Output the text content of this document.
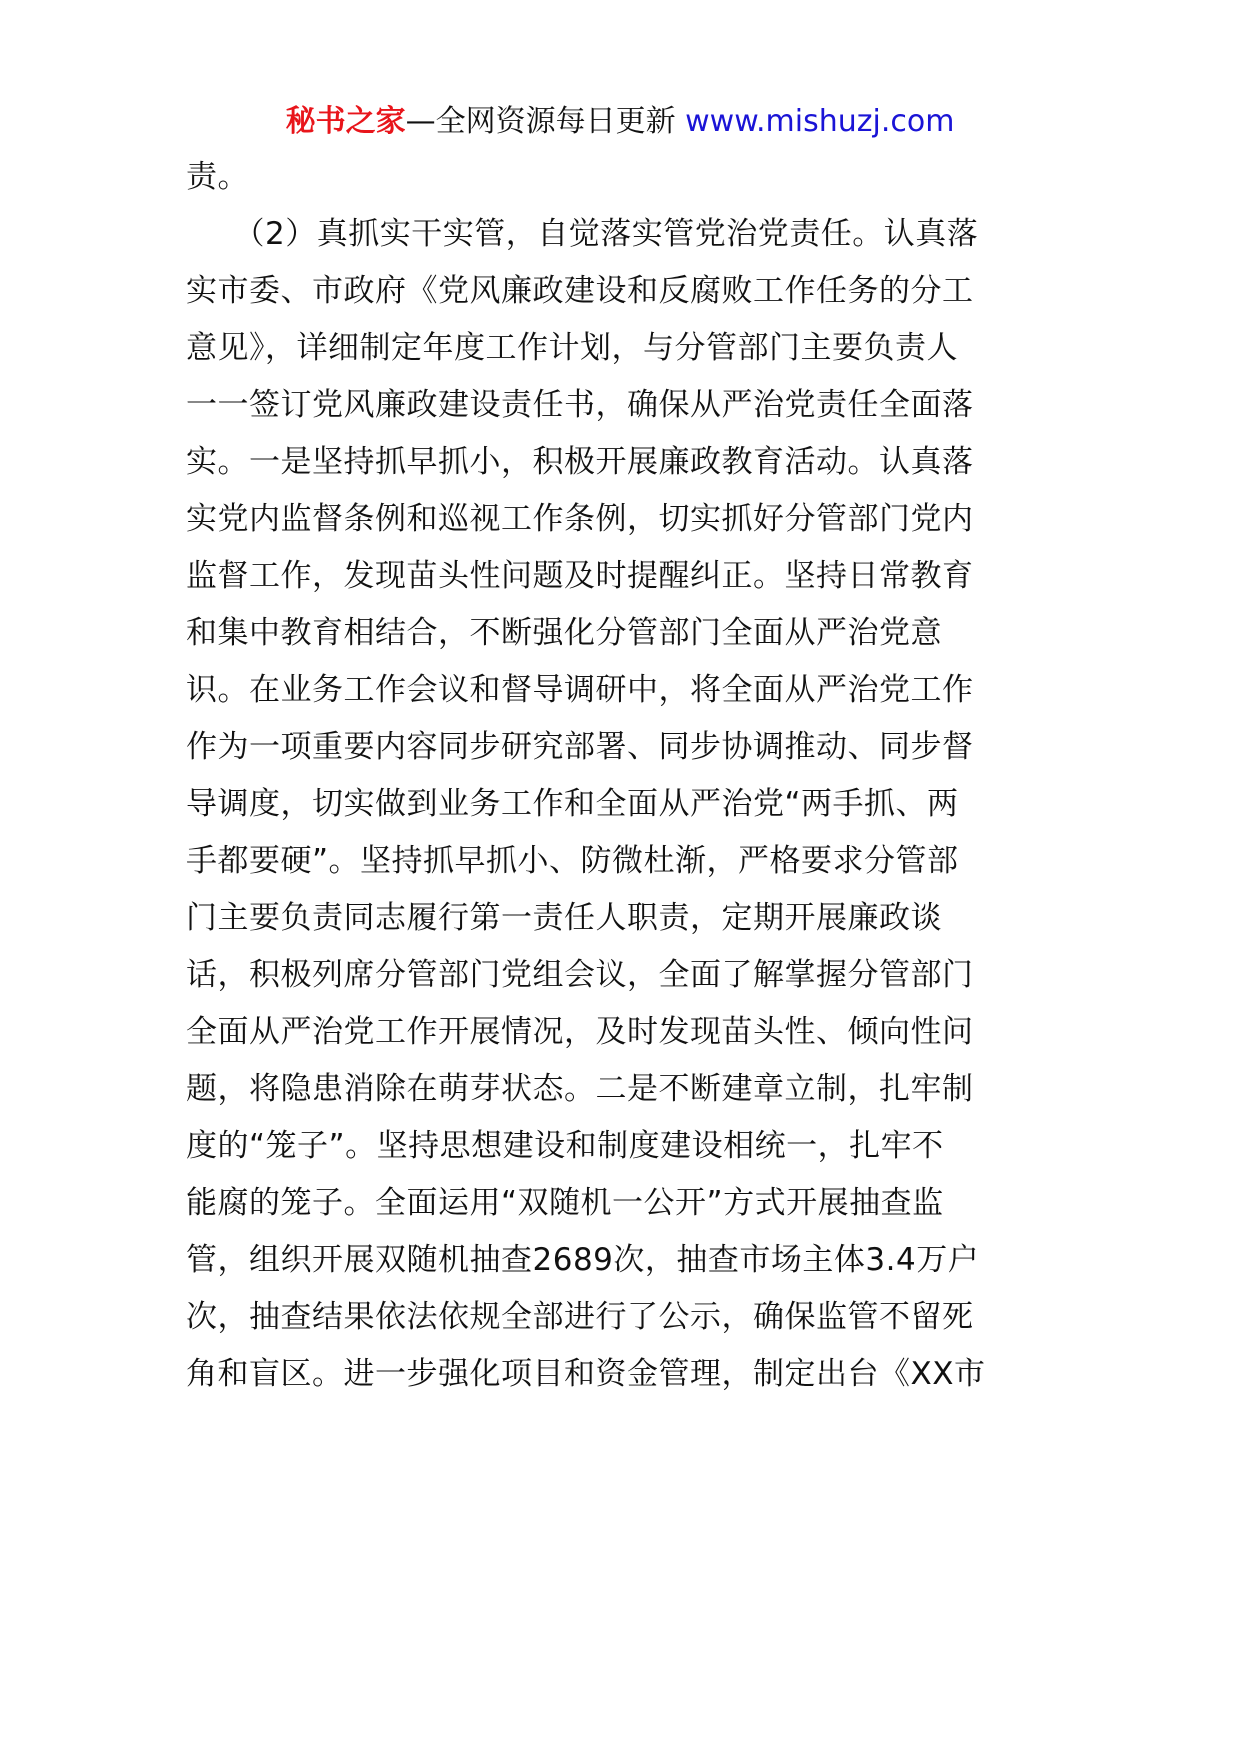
秘书之家—全网资源每日更新 www.mishuzj.com
责。
　　（2）真抓实干实管，自觉落实管党治党责任。认真落
实市委、市政府《党风廉政建设和反腐败工作任务的分工
意见》，详细制定年度工作计划，与分管部门主要负责人
一一签订党风廉政建设责任书，确保从严治党责任全面落
实。一是坚持抓早抓小，积极开展廉政教育活动。认真落
实党内监督条例和巡视工作条例，切实抓好分管部门党内
监督工作，发现苗头性问题及时提醒纠正。坚持日常教育
和集中教育相结合，不断强化分管部门全面从严治党意
识。在业务工作会议和督导调研中，将全面从严治党工作
作为一项重要内容同步研究部署、同步协调推动、同步督
导调度，切实做到业务工作和全面从严治党“两手抓、两
手都要硬”。坚持抓早抓小、防微杜渐，严格要求分管部
门主要负责同志履行第一责任人职责，定期开展廉政谈
话，积极列席分管部门党组会议，全面了解掌握分管部门
全面从严治党工作开展情况，及时发现苗头性、倾向性问
题，将隐患消除在萌芽状态。二是不断建章立制，扎牢制
度的“笼子”。坚持思想建设和制度建设相统一，扎牢不
能腐的笼子。全面运用“双随机一公开”方式开展抽查监
管，组织开展双随机抽查2689次，抽查市场主体3.4万户
次，抽查结果依法依规全部进行了公示，确保监管不留死
角和盲区。进一步强化项目和资金管理，制定出台《XX市
